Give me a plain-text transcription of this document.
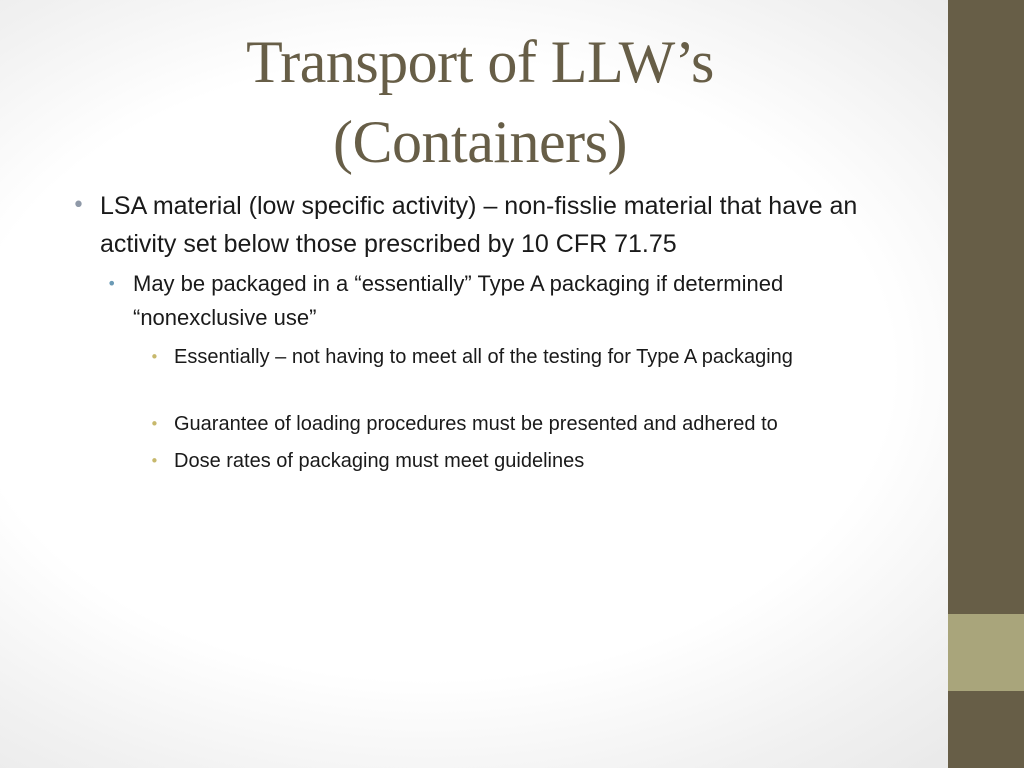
Transport of LLW’s
(Containers)
• LSA material (low specific activity) – non-fisslie material that have an activity set below those prescribed by 10 CFR 71.75
• May be packaged in a “essentially” Type A packaging if determined “nonexclusive use”
• Essentially – not having to meet all of the testing for Type A packaging
• Guarantee of loading procedures must be presented and adhered to
• Dose rates of packaging must meet guidelines
